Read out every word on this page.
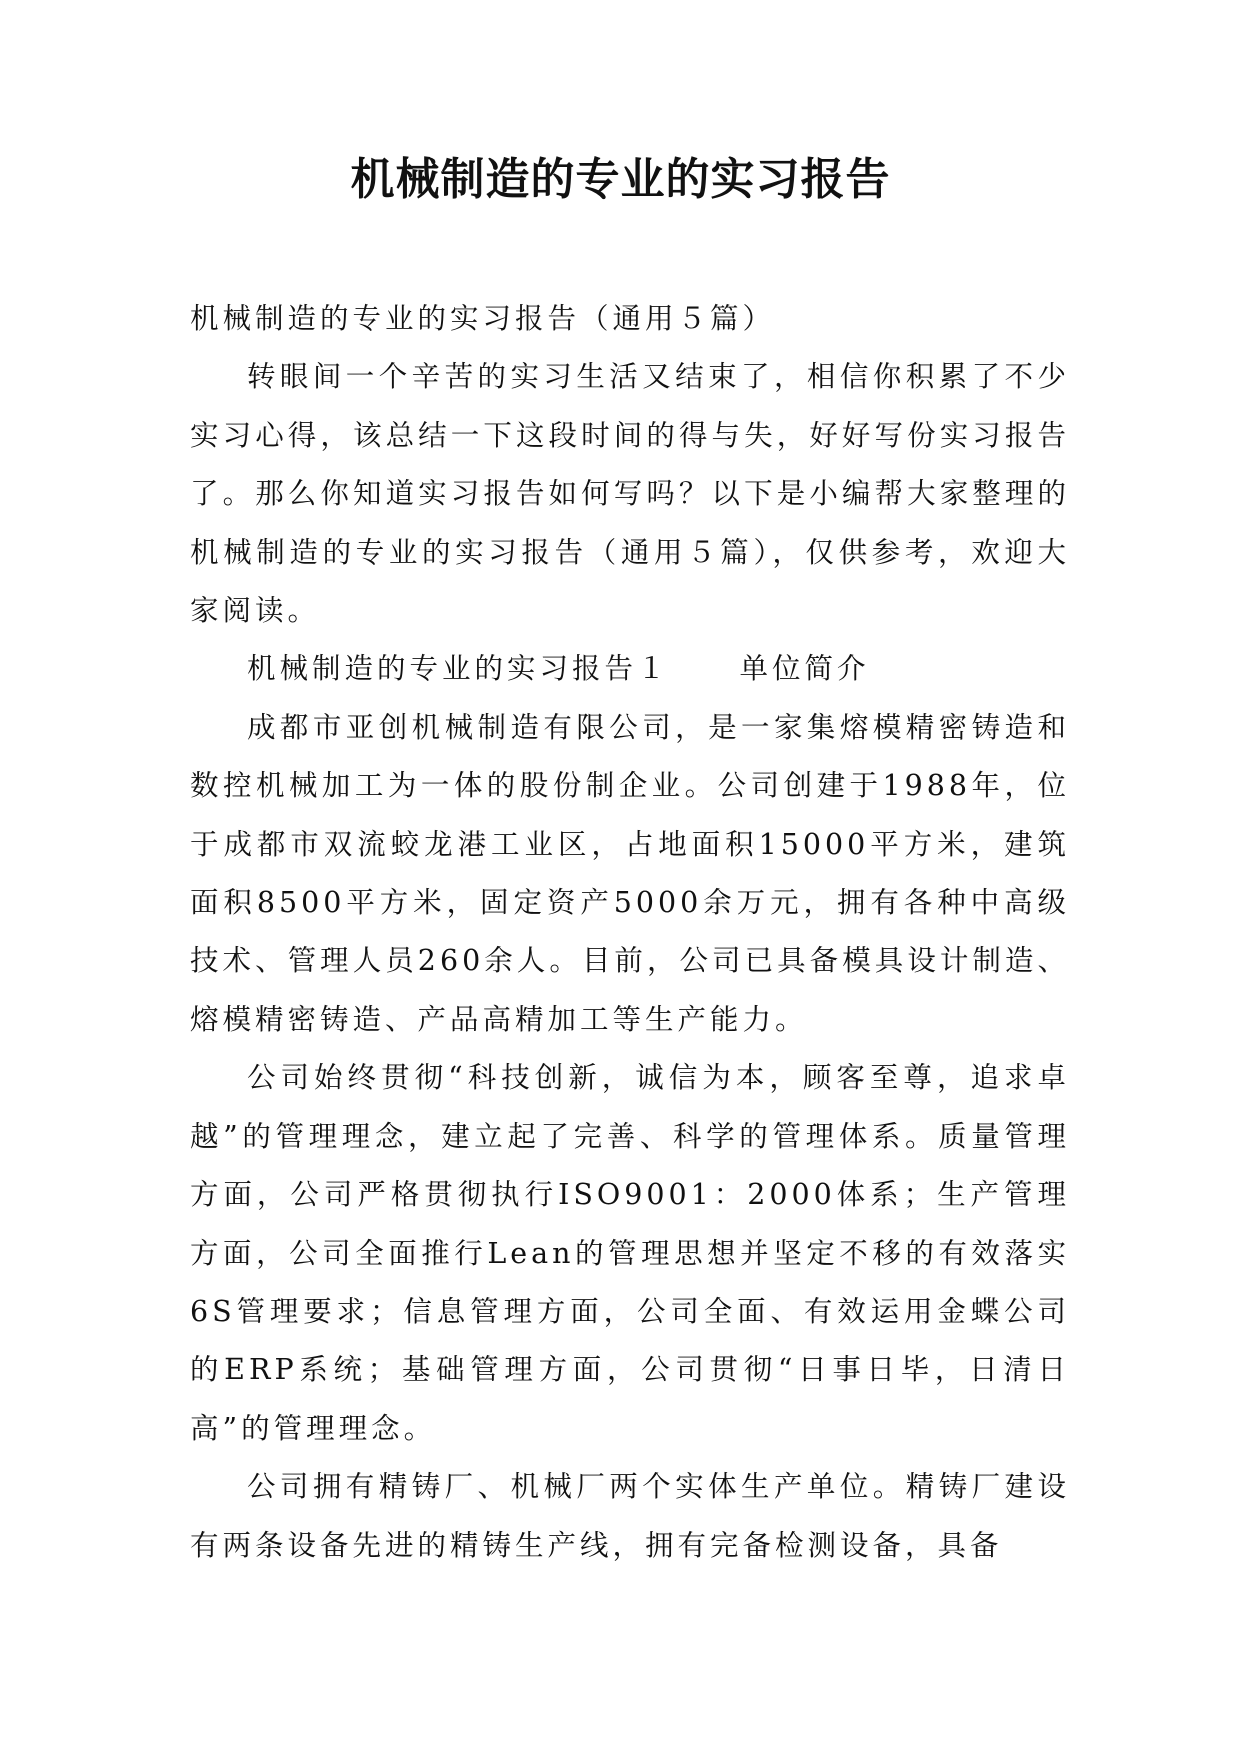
机械制造的专业的实习报告

机械制造的专业的实习报告（通用５篇）

转眼间一个辛苦的实习生活又结束了，相信你积累了不少实习心得，该总结一下这段时间的得与失，好好写份实习报告了。那么你知道实习报告如何写吗？以下是小编帮大家整理的机械制造的专业的实习报告（通用５篇），仅供参考，欢迎大家阅读。

机械制造的专业的实习报告１ 单位简介

成都市亚创机械制造有限公司，是一家集熔模精密铸造和数控机械加工为一体的股份制企业。公司创建于1988年，位于成都市双流蛟龙港工业区，占地面积15000平方米，建筑面积8500平方米，固定资产5000余万元，拥有各种中高级技术、管理人员260余人。目前，公司已具备模具设计制造、熔模精密铸造、产品高精加工等生产能力。

公司始终贯彻“科技创新，诚信为本，顾客至尊，追求卓越”的管理理念，建立起了完善、科学的管理体系。质量管理方面，公司严格贯彻执行ISO9001：2000体系；生产管理方面，公司全面推行Lean的管理思想并坚定不移的有效落实6S管理要求；信息管理方面，公司全面、有效运用金蝶公司的ERP系统；基础管理方面，公司贯彻“日事日毕，日清日高”的管理理念。

公司拥有精铸厂、机械厂两个实体生产单位。精铸厂建设有两条设备先进的精铸生产线，拥有完备检测设备，具备
